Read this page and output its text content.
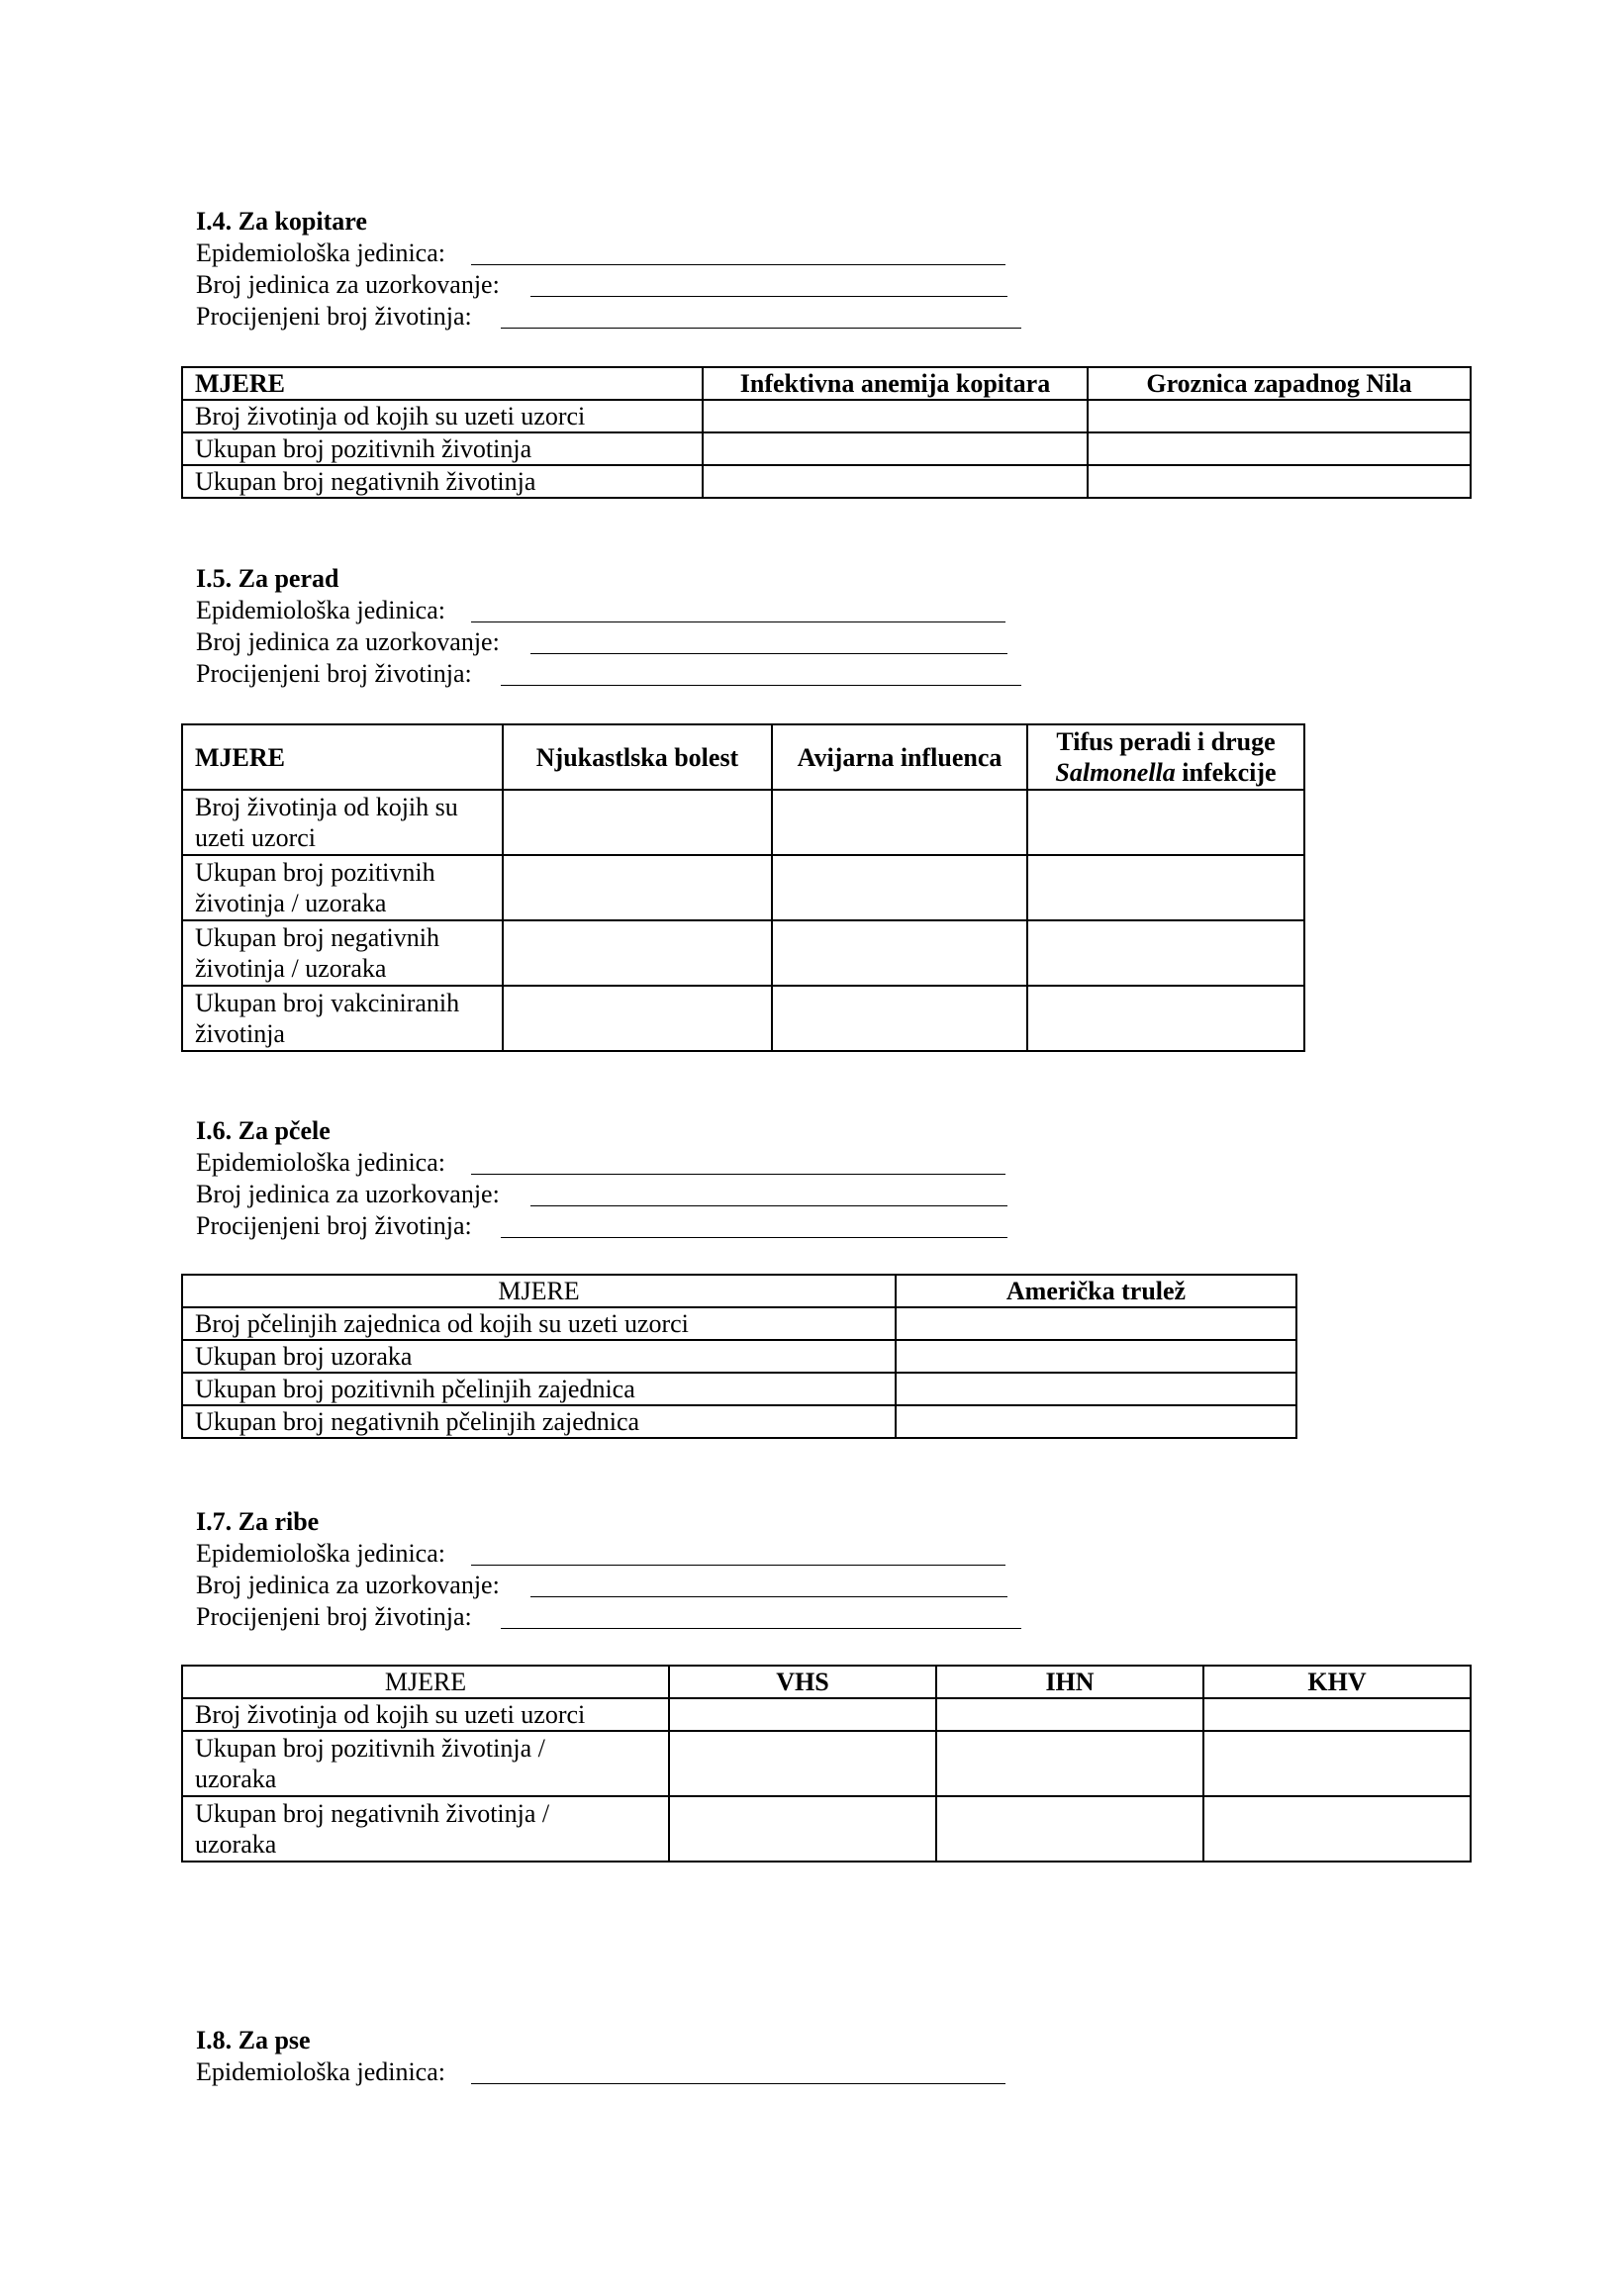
I.4. Za kopitare
Epidemiološka jedinica:
Broj jedinica za uzorkovanje:
Procijenjeni broj životinja:
MJERE	Infektivna anemija kopitara	Groznica zapadnog Nila
Broj životinja od kojih su uzeti uzorci		
Ukupan broj pozitivnih životinja		
Ukupan broj negativnih životinja		
I.5. Za perad
Epidemiološka jedinica:
Broj jedinica za uzorkovanje:
Procijenjeni broj životinja:
MJERE	Njukastlska bolest	Avijarna influenca	Tifus peradi i druge
Salmonella infekcije
Broj životinja od kojih su
uzeti uzorci			
Ukupan broj pozitivnih
životinja / uzoraka			
Ukupan broj negativnih
životinja / uzoraka			
Ukupan broj vakciniranih
životinja			
I.6. Za pčele
Epidemiološka jedinica:
Broj jedinica za uzorkovanje:
Procijenjeni broj životinja:
MJERE	Američka trulež
Broj pčelinjih zajednica od kojih su uzeti uzorci	
Ukupan broj uzoraka	
Ukupan broj pozitivnih pčelinjih zajednica	
Ukupan broj negativnih pčelinjih zajednica	
I.7. Za ribe
Epidemiološka jedinica:
Broj jedinica za uzorkovanje:
Procijenjeni broj životinja:
MJERE	VHS	IHN	KHV
Broj životinja od kojih su uzeti uzorci			
Ukupan broj pozitivnih životinja /
uzoraka			
Ukupan broj negativnih životinja /
uzoraka			
I.8. Za pse
Epidemiološka jedinica:
